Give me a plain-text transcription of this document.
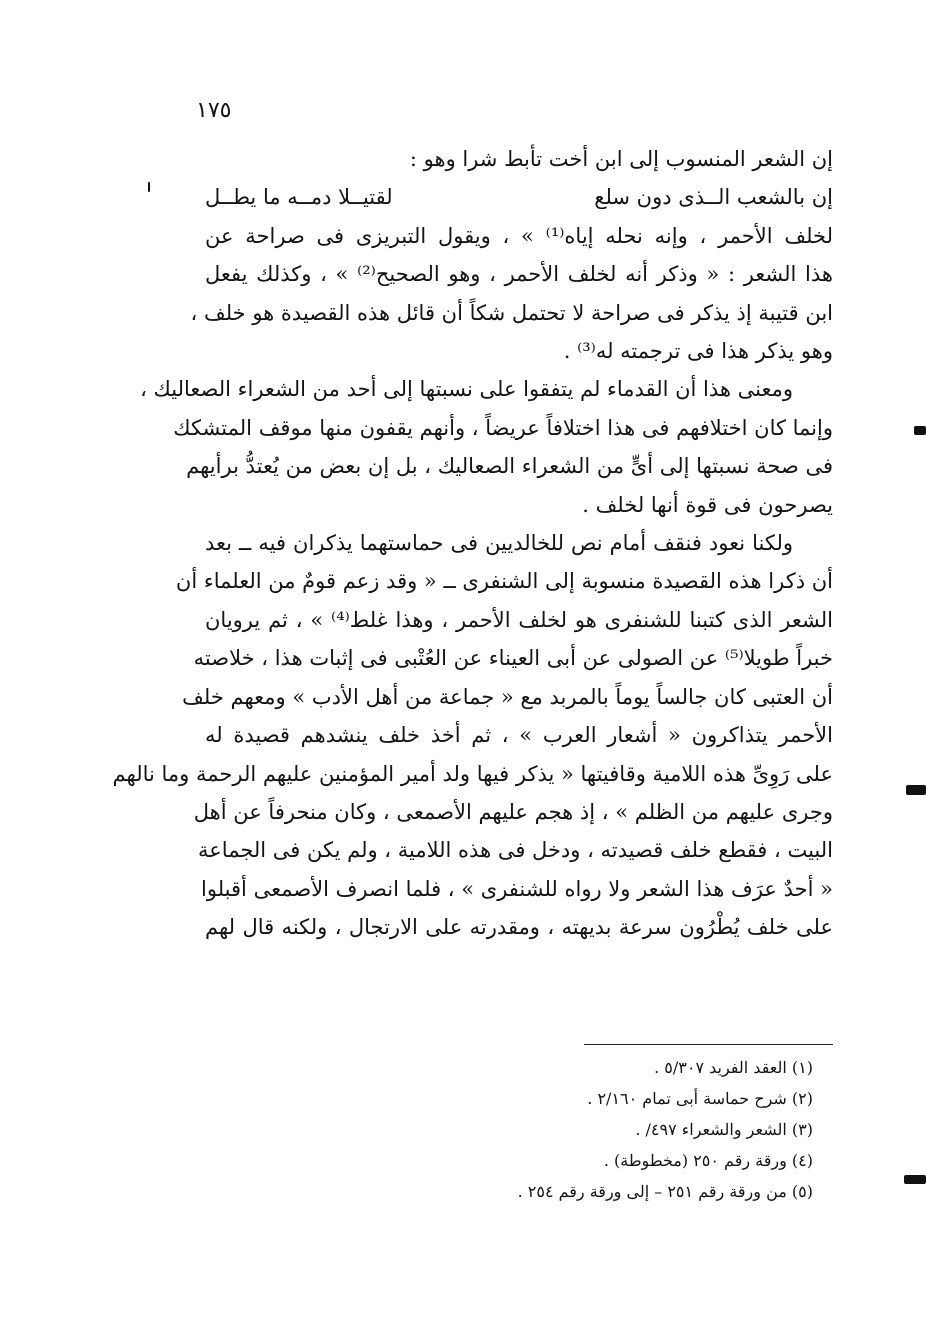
١٧٥
إن الشعر المنسوب إلى ابن أخت تأبط شرا وهو :
إن بالشعب الــذى دون سلع
لقتيــلا دمــه ما يطــل
لخلف الأحمر ، وإنه نحله إياه⁽¹⁾ » ، ويقول التبريزى فى صراحة عن
هذا الشعر : « وذكر أنه لخلف الأحمر ، وهو الصحيح⁽²⁾ » ، وكذلك يفعل
ابن قتيبة إذ يذكر فى صراحة لا تحتمل شكاً أن قائل هذه القصيدة هو خلف ،
وهو يذكر هذا فى ترجمته له⁽³⁾ .
ومعنى هذا أن القدماء لم يتفقوا على نسبتها إلى أحد من الشعراء الصعاليك ،
وإنما كان اختلافهم فى هذا اختلافاً عريضاً ، وأنهم يقفون منها موقف المتشكك
فى صحة نسبتها إلى أىٍّ من الشعراء الصعاليك ، بل إن بعض من يُعتدُّ برأيهم
يصرحون فى قوة أنها لخلف .
ولكنا نعود فنقف أمام نص للخالديين فى حماستهما يذكران فيه ــ بعد
أن ذكرا هذه القصيدة منسوبة إلى الشنفرى ــ « وقد زعم قومٌ من العلماء أن
الشعر الذى كتبنا للشنفرى هو لخلف الأحمر ، وهذا غلط⁽⁴⁾ » ، ثم يرويان
خبراً طويلا⁽⁵⁾ عن الصولى عن أبى العيناء عن العُتْبى فى إثبات هذا ، خلاصته
أن العتبى كان جالساً يوماً بالمربد مع « جماعة من أهل الأدب » ومعهم خلف
الأحمر يتذاكرون « أشعار العرب » ، ثم أخذ خلف ينشدهم قصيدة له
على رَوِىِّ هذه اللامية وقافيتها « يذكر فيها ولد أمير المؤمنين عليهم الرحمة وما نالهم
وجرى عليهم من الظلم » ، إذ هجم عليهم الأصمعى ، وكان منحرفاً عن أهل
البيت ، فقطع خلف قصيدته ، ودخل فى هذه اللامية ، ولم يكن فى الجماعة
« أحدٌ عرَف هذا الشعر ولا رواه للشنفرى » ، فلما انصرف الأصمعى أقبلوا
على خلف يُطْرُون سرعة بديهته ، ومقدرته على الارتجال ، ولكنه قال لهم
(١) العقد الفريد ٥/٣٠٧ .
(٢) شرح حماسة أبى تمام ٢/١٦٠ .
(٣) الشعر والشعراء ٤٩٧/ .
(٤) ورقة رقم ٢٥٠ (مخطوطة) .
(٥) من ورقة رقم ٢٥١ – إلى ورقة رقم ٢٥٤ .
